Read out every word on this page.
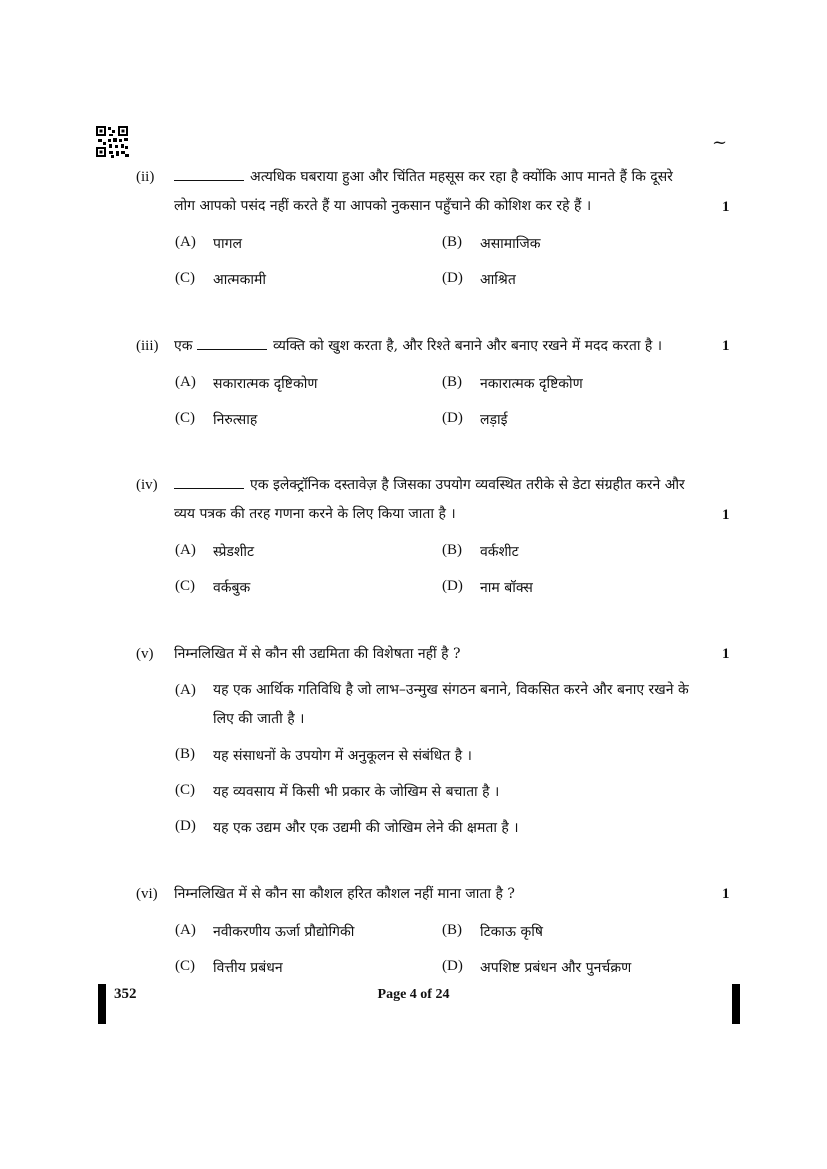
~
(ii)	अत्यधिक घबराया हुआ और चिंतित महसूस कर रहा है क्योंकि आप मानते हैं कि दूसरे लोग आपको पसंद नहीं करते हैं या आपको नुकसान पहुँचाने की कोशिश कर रहे हैं ।	1
(A) पागल	(B) असामाजिक
(C) आत्मकामी	(D) आश्रित
(iii) एक	व्यक्ति को खुश करता है, और रिश्ते बनाने और बनाए रखने में मदद करता है ।	1
(A) सकारात्मक दृष्टिकोण	(B) नकारात्मक दृष्टिकोण
(C) निरुत्साह	(D) लड़ाई
(iv)	एक इलेक्ट्रॉनिक दस्तावेज़ है जिसका उपयोग व्यवस्थित तरीके से डेटा संग्रहीत करने और व्यय पत्रक की तरह गणना करने के लिए किया जाता है ।	1
(A) स्प्रेडशीट	(B) वर्कशीट
(C) वर्कबुक	(D) नाम बॉक्स
(v) निम्नलिखित में से कौन सी उद्यमिता की विशेषता नहीं है ?	1
(A) यह एक आर्थिक गतिविधि है जो लाभ–उन्मुख संगठन बनाने, विकसित करने और बनाए रखने के लिए की जाती है ।
(B) यह संसाधनों के उपयोग में अनुकूलन से संबंधित है ।
(C) यह व्यवसाय में किसी भी प्रकार के जोखिम से बचाता है ।
(D) यह एक उद्यम और एक उद्यमी की जोखिम लेने की क्षमता है ।
(vi) निम्नलिखित में से कौन सा कौशल हरित कौशल नहीं माना जाता है ?	1
(A) नवीकरणीय ऊर्जा प्रौद्योगिकी	(B) टिकाऊ कृषि
(C) वित्तीय प्रबंधन	(D) अपशिष्ट प्रबंधन और पुनर्चक्रण
352	Page 4 of 24
